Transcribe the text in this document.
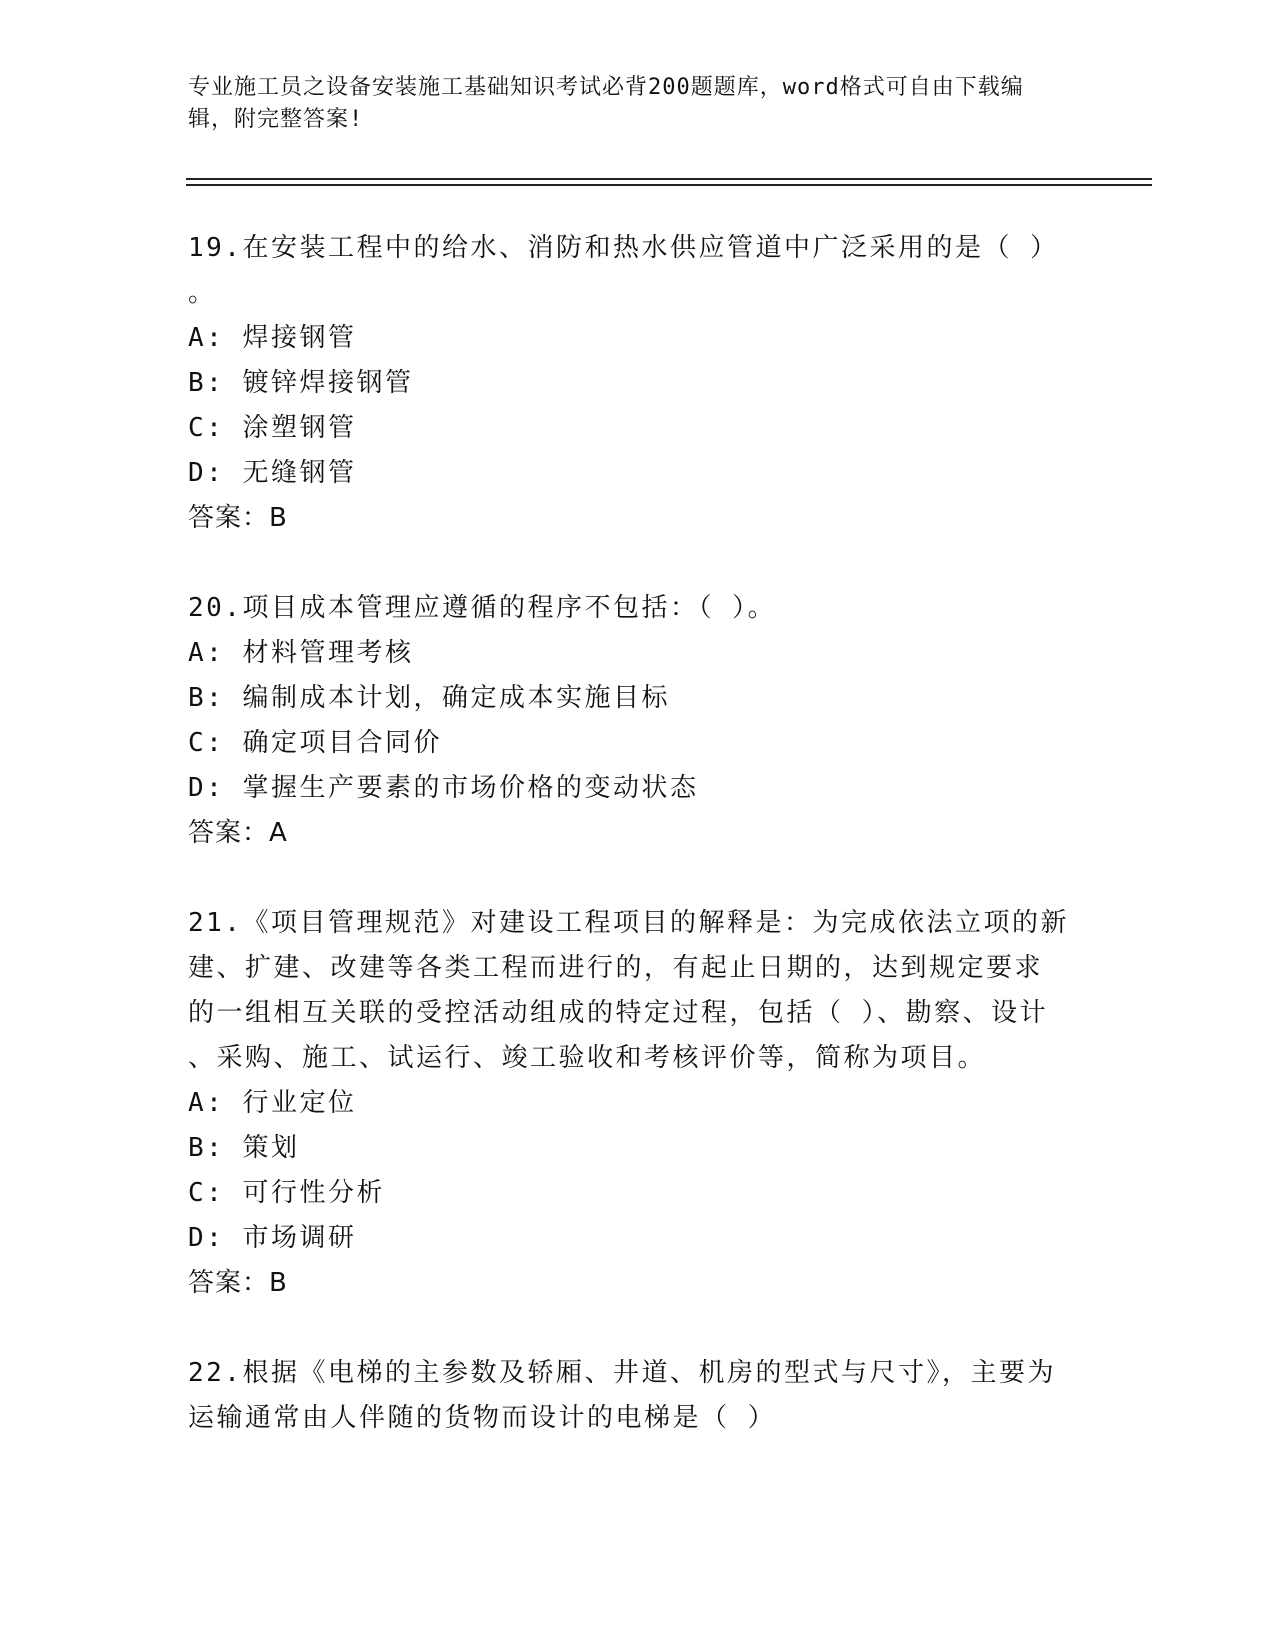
专业施工员之设备安装施工基础知识考试必背200题题库，word格式可自由下载编辑，附完整答案!
19.在安装工程中的给水、消防和热水供应管道中广泛采用的是（ ）
。
A: 焊接钢管
B: 镀锌焊接钢管
C: 涂塑钢管
D: 无缝钢管
答案：B
20.项目成本管理应遵循的程序不包括：（ ）。
A: 材料管理考核
B: 编制成本计划，确定成本实施目标
C: 确定项目合同价
D: 掌握生产要素的市场价格的变动状态
答案：A
21.《项目管理规范》对建设工程项目的解释是：为完成依法立项的新
建、扩建、改建等各类工程而进行的，有起止日期的，达到规定要求
的一组相互关联的受控活动组成的特定过程，包括（ ）、勘察、设计
、采购、施工、试运行、竣工验收和考核评价等，简称为项目。
A: 行业定位
B: 策划
C: 可行性分析
D: 市场调研
答案：B
22.根据《电梯的主参数及轿厢、井道、机房的型式与尺寸》，主要为
运输通常由人伴随的货物而设计的电梯是（ ）
